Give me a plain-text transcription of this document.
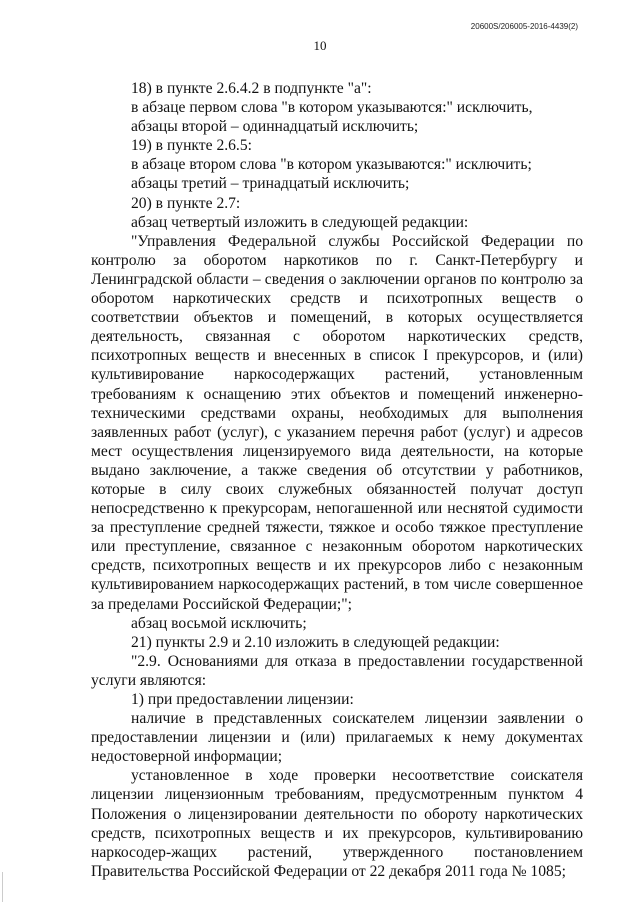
20600S/206005-2016-4439(2)
10

18) в пункте 2.6.4.2 в подпункте "а":

в абзаце первом слова "в котором указываются:" исключить,

абзацы второй – одиннадцатый исключить;

19) в пункте 2.6.5:

в абзаце втором слова "в котором указываются:" исключить;

абзацы третий – тринадцатый исключить;

20) в пункте 2.7:

абзац четвертый изложить в следующей редакции:

"Управления Федеральной службы Российской Федерации по контролю за оборотом наркотиков по г. Санкт-Петербургу и Ленинградской области – сведения о заключении органов по контролю за оборотом наркотических средств и психотропных веществ о соответствии объектов и помещений, в которых осуществляется деятельность, связанная с оборотом наркотических средств, психотропных веществ и внесенных в список I прекурсоров, и (или) культивирование наркосодержащих растений, установленным требованиям к оснащению этих объектов и помещений инженерно-техническими средствами охраны, необходимых для выполнения заявленных работ (услуг), с указанием перечня работ (услуг) и адресов мест осуществления лицензируемого вида деятельности, на которые выдано заключение, а также сведения об отсутствии у работников, которые в силу своих служебных обязанностей получат доступ непосредственно к прекурсорам, непогашенной или неснятой судимости за преступление средней тяжести, тяжкое и особо тяжкое преступление или преступление, связанное с незаконным оборотом наркотических средств, психотропных веществ и их прекурсоров либо с незаконным культивированием наркосодержащих растений, в том числе совершенное за пределами Российской Федерации;";

абзац восьмой исключить;

21) пункты 2.9 и 2.10 изложить в следующей редакции:

"2.9. Основаниями для отказа в предоставлении государственной услуги являются:

1) при предоставлении лицензии:

наличие в представленных соискателем лицензии заявлении о предоставлении лицензии и (или) прилагаемых к нему документах недостоверной информации;

установленное в ходе проверки несоответствие соискателя лицензии лицензионным требованиям, предусмотренным пунктом 4 Положения о лицензировании деятельности по обороту наркотических средств, психотропных веществ и их прекурсоров, культивированию наркосодер-жащих растений, утвержденного постановлением Правительства Российской Федерации от 22 декабря 2011 года № 1085;
